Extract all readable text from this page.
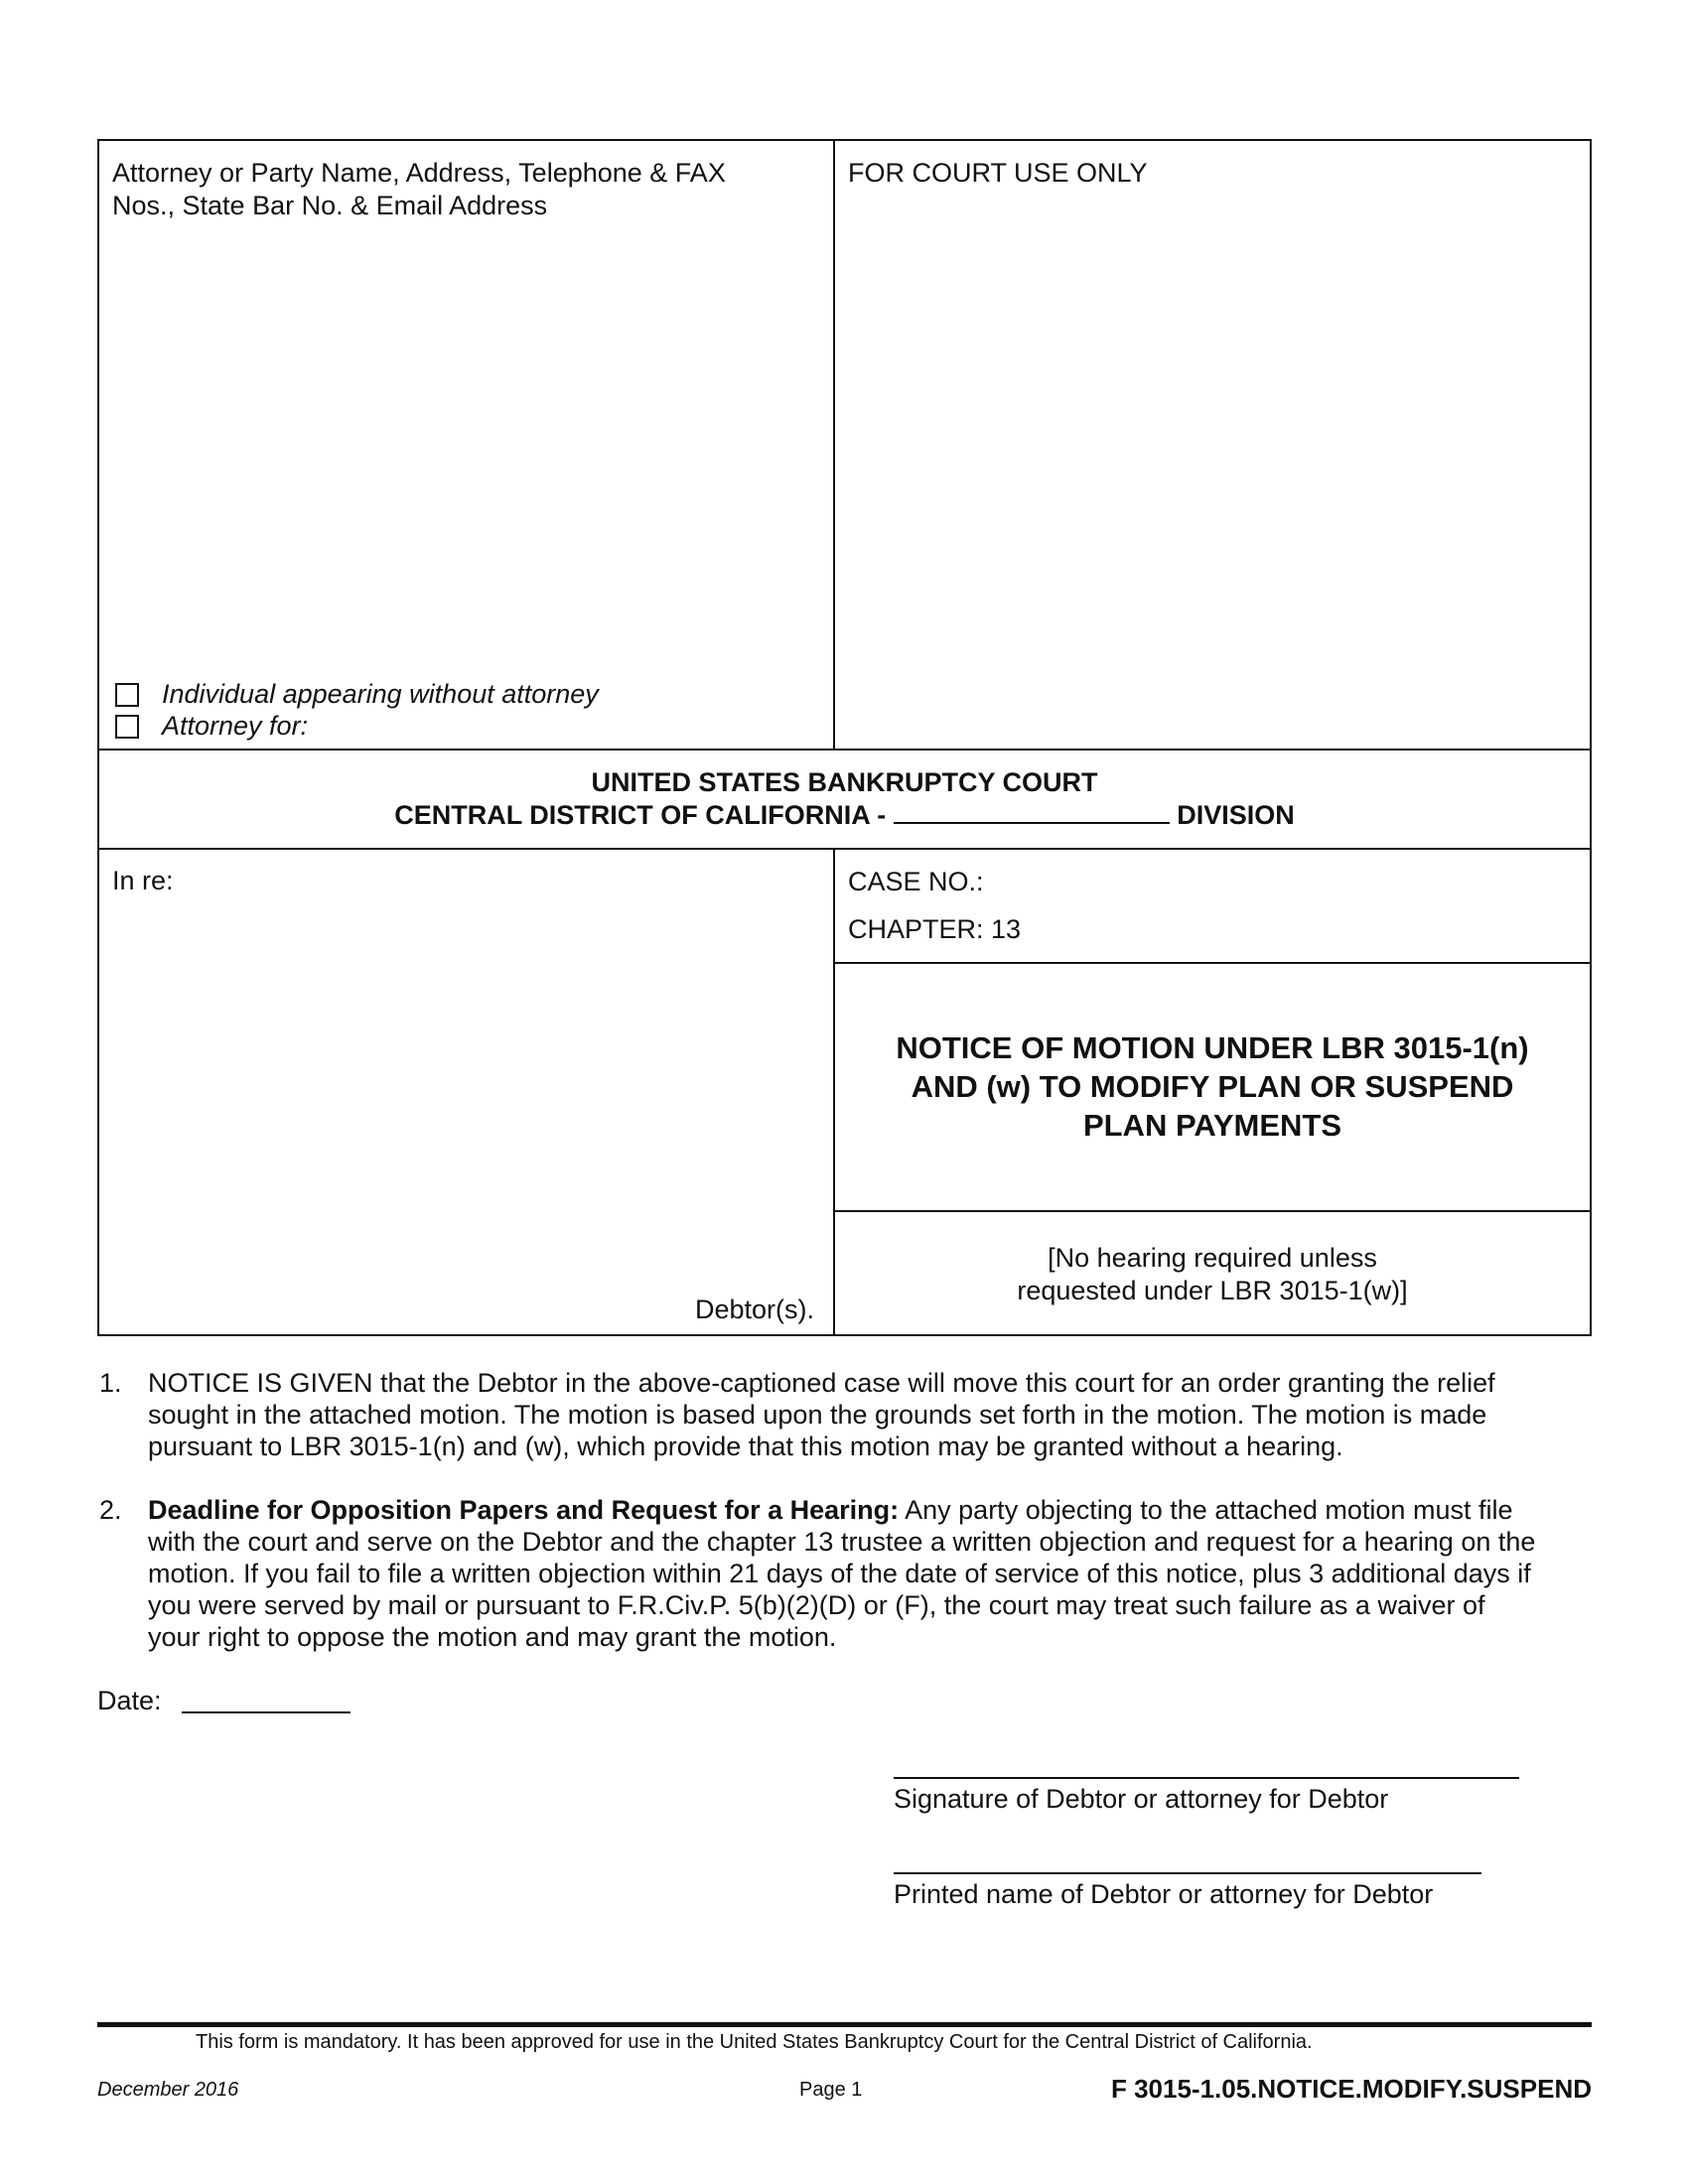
Attorney or Party Name, Address, Telephone & FAX
Nos., State Bar No. & Email Address
FOR COURT USE ONLY
Individual appearing without attorney
Attorney for:
UNITED STATES BANKRUPTCY COURT
CENTRAL DISTRICT OF CALIFORNIA -	DIVISION
In re:
Debtor(s).
CASE NO.:
CHAPTER: 13
NOTICE OF MOTION UNDER LBR 3015-1(n)
AND (w) TO MODIFY PLAN OR SUSPEND
PLAN PAYMENTS
[No hearing required unless
requested under LBR 3015-1(w)]
1. NOTICE IS GIVEN that the Debtor in the above-captioned case will move this court for an order granting the relief
sought in the attached motion. The motion is based upon the grounds set forth in the motion. The motion is made
pursuant to LBR 3015-1(n) and (w), which provide that this motion may be granted without a hearing.
2. Deadline for Opposition Papers and Request for a Hearing: Any party objecting to the attached motion must file
with the court and serve on the Debtor and the chapter 13 trustee a written objection and request for a hearing on the
motion. If you fail to file a written objection within 21 days of the date of service of this notice, plus 3 additional days if
you were served by mail or pursuant to F.R.Civ.P. 5(b)(2)(D) or (F), the court may treat such failure as a waiver of
your right to oppose the motion and may grant the motion.
Date:
Signature of Debtor or attorney for Debtor
Printed name of Debtor or attorney for Debtor
This form is mandatory. It has been approved for use in the United States Bankruptcy Court for the Central District of California.
December 2016	Page 1	F 3015-1.05.NOTICE.MODIFY.SUSPEND
